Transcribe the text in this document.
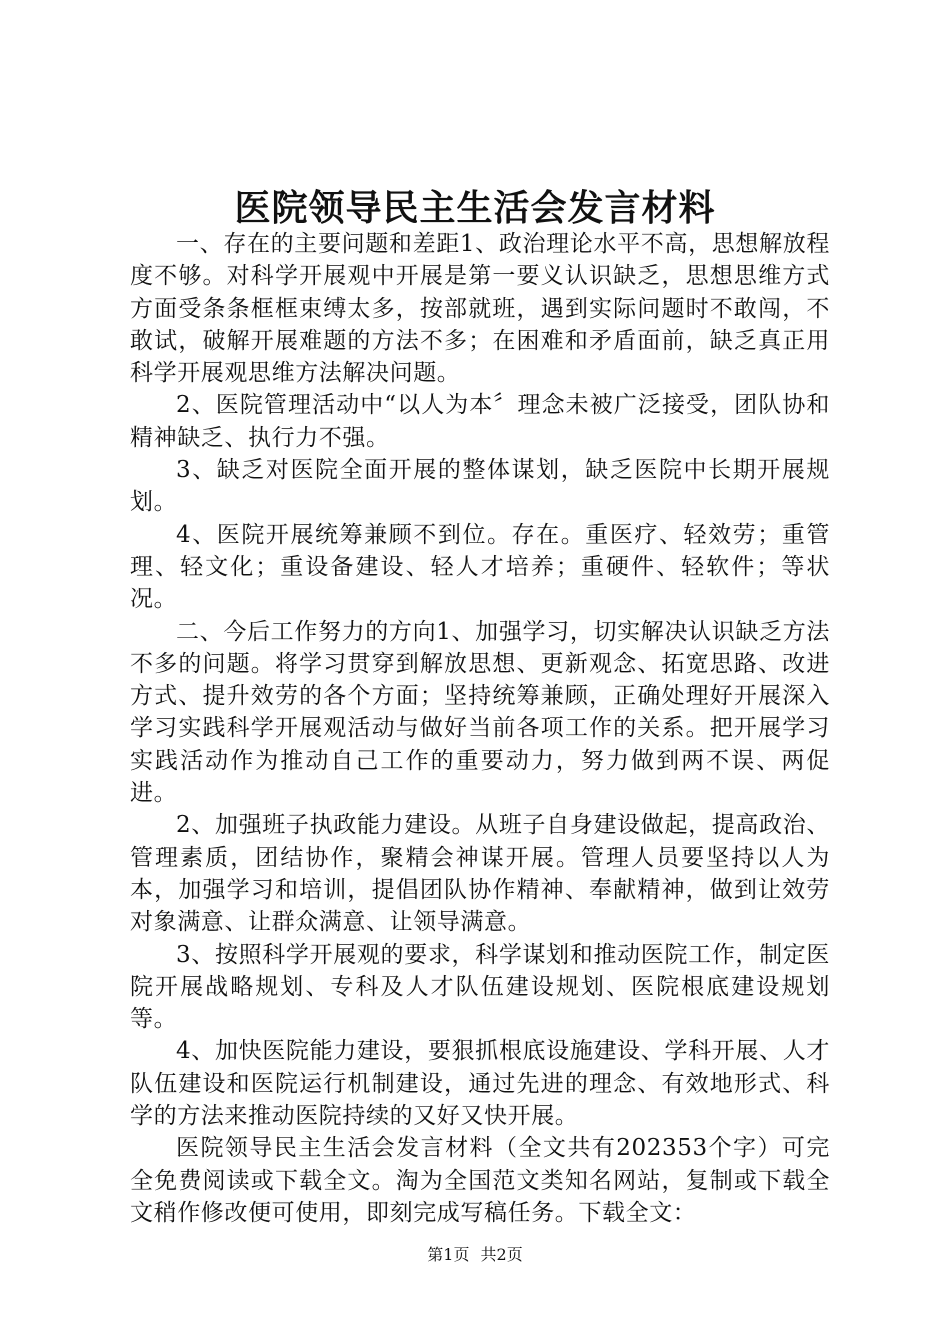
医院领导民主生活会发言材料

一、存在的主要问题和差距1、政治理论水平不高，思想解放程度不够。对科学开展观中开展是第一要义认识缺乏，思想思维方式方面受条条框框束缚太多，按部就班，遇到实际问题时不敢闯，不敢试，破解开展难题的方法不多；在困难和矛盾面前，缺乏真正用科学开展观思维方法解决问题。

2、医院管理活动中“以人为本〞理念未被广泛接受，团队协和精神缺乏、执行力不强。

3、缺乏对医院全面开展的整体谋划，缺乏医院中长期开展规划。

4、医院开展统筹兼顾不到位。存在。重医疗、轻效劳；重管理、轻文化；重设备建设、轻人才培养；重硬件、轻软件；等状况。

二、今后工作努力的方向1、加强学习，切实解决认识缺乏方法不多的问题。将学习贯穿到解放思想、更新观念、拓宽思路、改进方式、提升效劳的各个方面；坚持统筹兼顾，正确处理好开展深入学习实践科学开展观活动与做好当前各项工作的关系。把开展学习实践活动作为推动自己工作的重要动力，努力做到两不误、两促进。

2、加强班子执政能力建设。从班子自身建设做起，提高政治、管理素质，团结协作，聚精会神谋开展。管理人员要坚持以人为本，加强学习和培训，提倡团队协作精神、奉献精神，做到让效劳对象满意、让群众满意、让领导满意。

3、按照科学开展观的要求，科学谋划和推动医院工作，制定医院开展战略规划、专科及人才队伍建设规划、医院根底建设规划等。

4、加快医院能力建设，要狠抓根底设施建设、学科开展、人才队伍建设和医院运行机制建设，通过先进的理念、有效地形式、科学的方法来推动医院持续的又好又快开展。

医院领导民主生活会发言材料（全文共有202353个字）可完全免费阅读或下载全文。淘为全国范文类知名网站，复制或下载全文稍作修改便可使用，即刻完成写稿任务。下载全文：

第1页 共2页
